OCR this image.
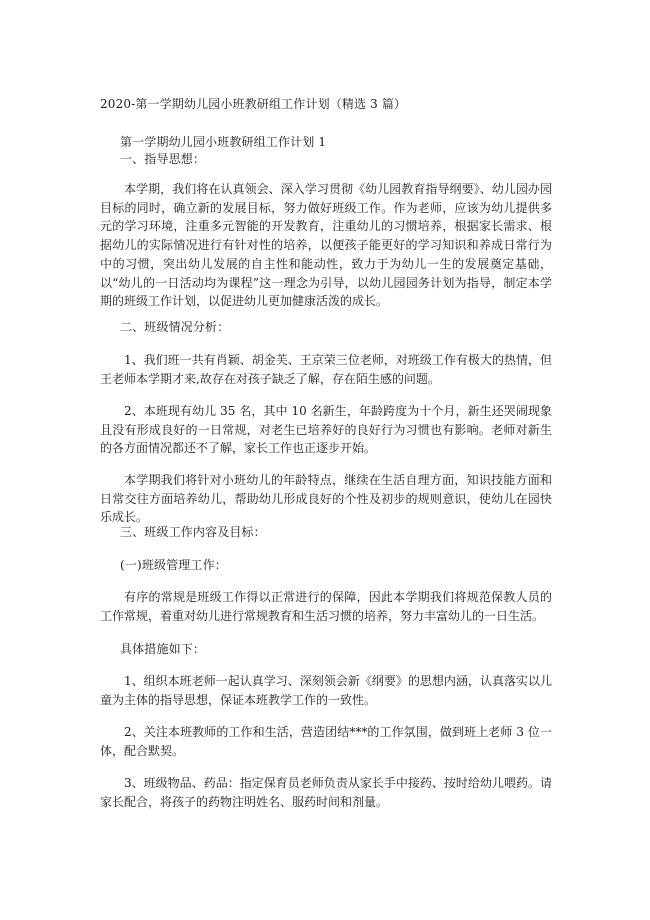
2020-第一学期幼儿园小班教研组工作计划（精选 3 篇）
第一学期幼儿园小班教研组工作计划 1
一、指导思想：
本学期，我们将在认真领会、深入学习贯彻《幼儿园教育指导纲要》、幼儿园办园目标的同时，确立新的发展目标，努力做好班级工作。作为老师，应该为幼儿提供多元的学习环境，注重多元智能的开发教育，注重幼儿的习惯培养，根据家长需求、根据幼儿的实际情况进行有针对性的培养，以便孩子能更好的学习知识和养成日常行为中的习惯，突出幼儿发展的自主性和能动性，致力于为幼儿一生的发展奠定基础，以“幼儿的一日活动均为课程”这一理念为引导，以幼儿园园务计划为指导，制定本学期的班级工作计划，以促进幼儿更加健康活泼的成长。
二、班级情况分析：
1、我们班一共有肖颖、胡金芙、王京荣三位老师，对班级工作有极大的热情，但王老师本学期才来,故存在对孩子缺乏了解，存在陌生感的问题。
2、本班现有幼儿 35 名，其中 10 名新生，年龄跨度为十个月，新生还哭闹现象且没有形成良好的一日常规，对老生已培养好的良好行为习惯也有影响。老师对新生的各方面情况都还不了解，家长工作也正逐步开始。
本学期我们将针对小班幼儿的年龄特点，继续在生活自理方面，知识技能方面和日常交往方面培养幼儿，帮助幼儿形成良好的个性及初步的规则意识，使幼儿在园快乐成长。
三、班级工作内容及目标：
(一)班级管理工作：
有序的常规是班级工作得以正常进行的保障，因此本学期我们将规范保教人员的工作常规，着重对幼儿进行常规教育和生活习惯的培养，努力丰富幼儿的一日生活。
具体措施如下：
1、组织本班老师一起认真学习、深刻领会新《纲要》的思想内涵，认真落实以儿童为主体的指导思想，保证本班教学工作的一致性。
2、关注本班教师的工作和生活，营造团结***的工作氛围，做到班上老师 3 位一体，配合默契。
3、班级物品、药品：指定保育员老师负责从家长手中接药、按时给幼儿喂药。请家长配合，将孩子的药物注明姓名、服药时间和剂量。
